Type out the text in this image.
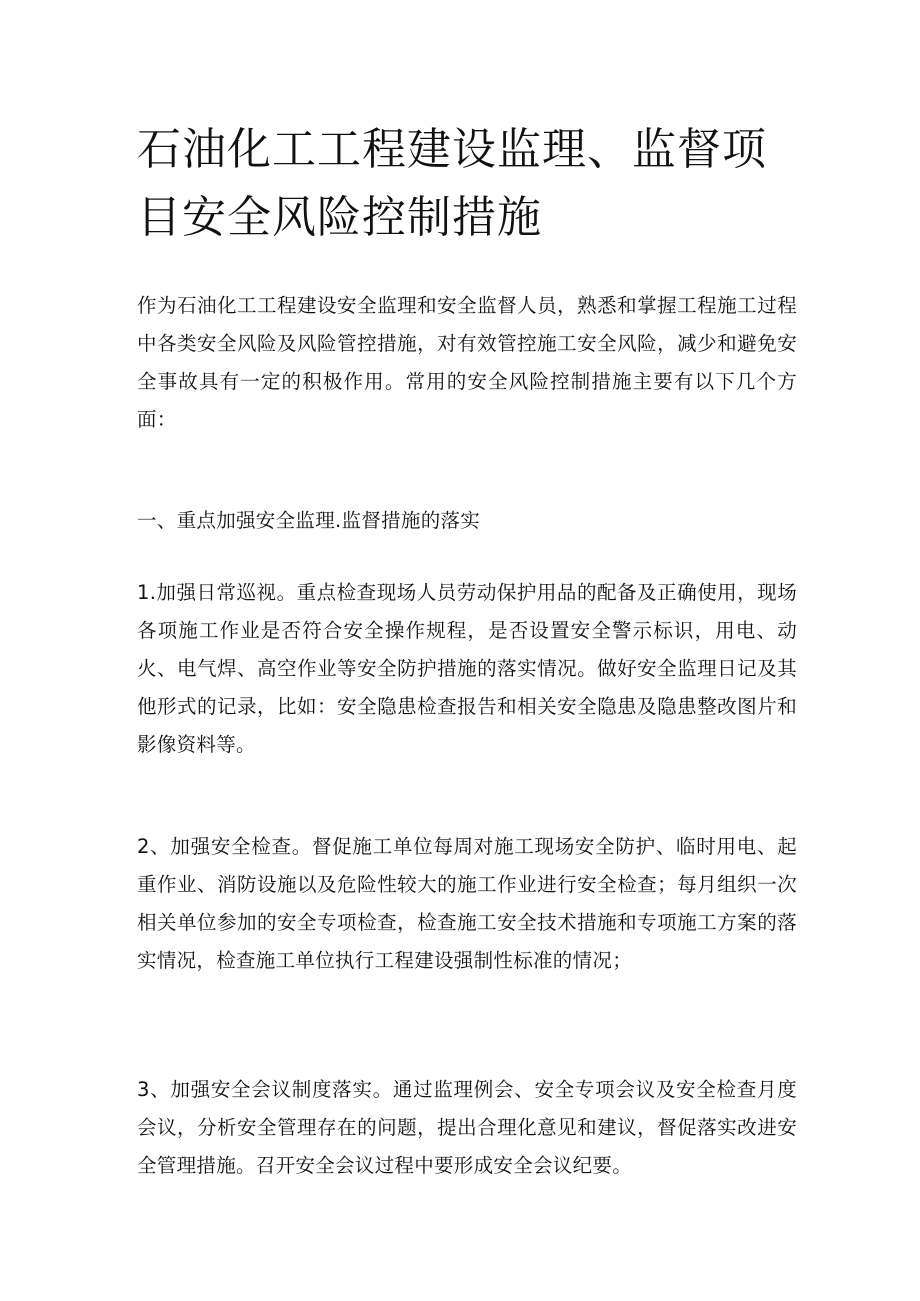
石油化工工程建设监理、监督项目安全风险控制措施

作为石油化工工程建设安全监理和安全监督人员，熟悉和掌握工程施工过程中各类安全风险及风险管控措施，对有效管控施工安全风险，减少和避免安全事故具有一定的积极作用。常用的安全风险控制措施主要有以下几个方面：

一、重点加强安全监理.监督措施的落实

1.加强日常巡视。重点检查现场人员劳动保护用品的配备及正确使用，现场各项施工作业是否符合安全操作规程，是否设置安全警示标识，用电、动火、电气焊、高空作业等安全防护措施的落实情况。做好安全监理日记及其他形式的记录，比如：安全隐患检查报告和相关安全隐患及隐患整改图片和影像资料等。

2、加强安全检查。督促施工单位每周对施工现场安全防护、临时用电、起重作业、消防设施以及危险性较大的施工作业进行安全检查；每月组织一次相关单位参加的安全专项检查，检查施工安全技术措施和专项施工方案的落实情况，检查施工单位执行工程建设强制性标准的情况；

3、加强安全会议制度落实。通过监理例会、安全专项会议及安全检查月度会议，分析安全管理存在的问题，提出合理化意见和建议，督促落实改进安全管理措施。召开安全会议过程中要形成安全会议纪要。
